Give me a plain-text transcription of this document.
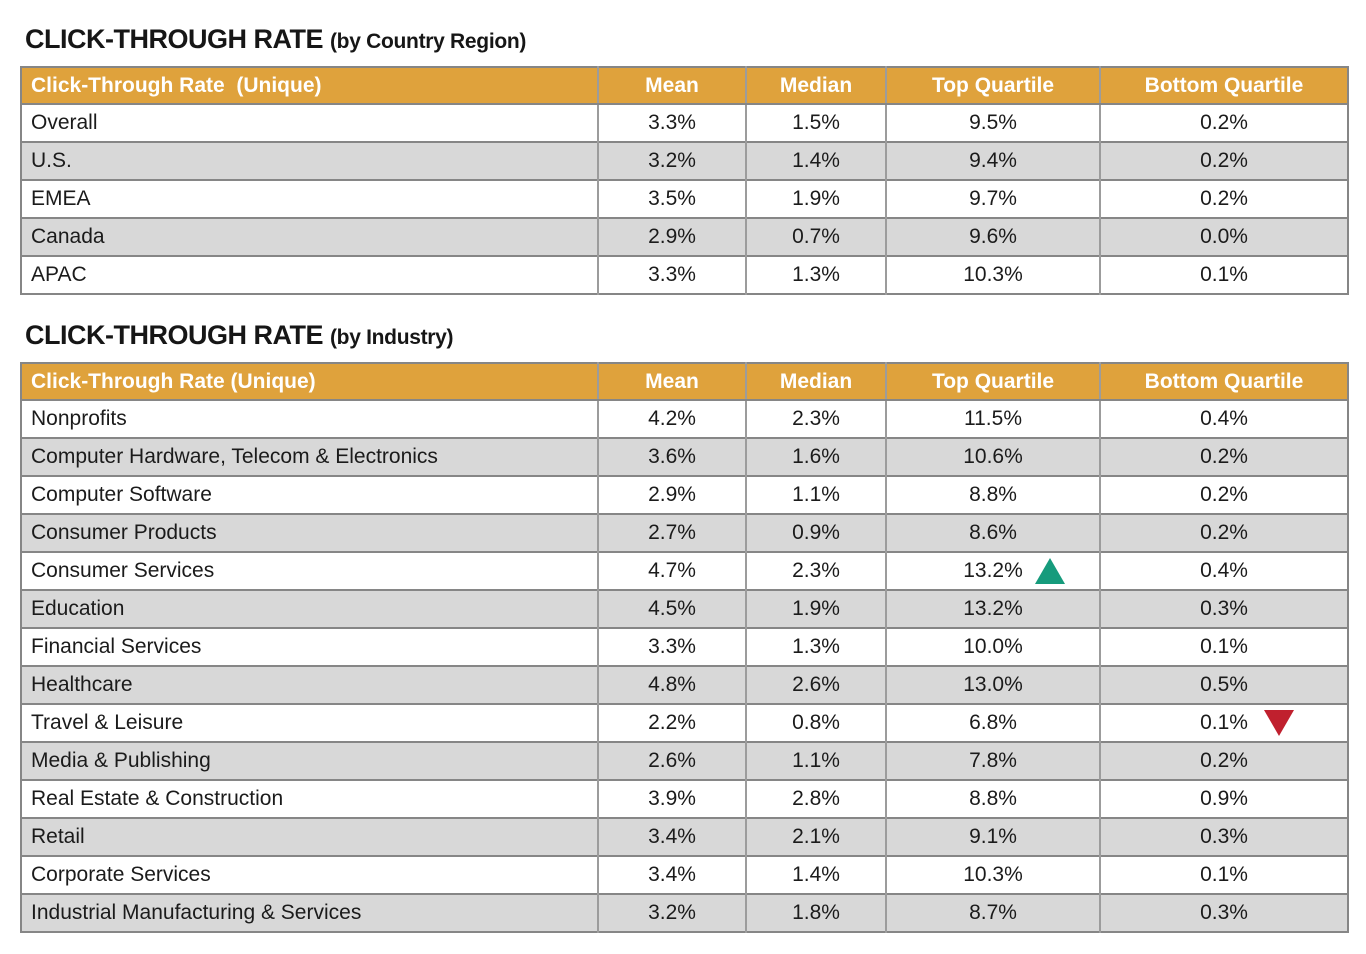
CLICK-THROUGH RATE (by Country Region)
Click-Through Rate  (Unique)	Mean	Median	Top Quartile	Bottom Quartile
Overall	3.3%	1.5%	9.5%	0.2%
U.S.	3.2%	1.4%	9.4%	0.2%
EMEA	3.5%	1.9%	9.7%	0.2%
Canada	2.9%	0.7%	9.6%	0.0%
APAC	3.3%	1.3%	10.3%	0.1%
CLICK-THROUGH RATE (by Industry)
Click-Through Rate (Unique)	Mean	Median	Top Quartile	Bottom Quartile
Nonprofits	4.2%	2.3%	11.5%	0.4%
Computer Hardware, Telecom & Electronics	3.6%	1.6%	10.6%	0.2%
Computer Software	2.9%	1.1%	8.8%	0.2%
Consumer Products	2.7%	0.9%	8.6%	0.2%
Consumer Services	4.7%	2.3%	13.2%	0.4%
Education	4.5%	1.9%	13.2%	0.3%
Financial Services	3.3%	1.3%	10.0%	0.1%
Healthcare	4.8%	2.6%	13.0%	0.5%
Travel & Leisure	2.2%	0.8%	6.8%	0.1%

Media & Publishing	2.6%	1.1%	7.8%	0.2%
Real Estate & Construction	3.9%	2.8%	8.8%	0.9%
Retail	3.4%	2.1%	9.1%	0.3%
Corporate Services	3.4%	1.4%	10.3%	0.1%
Industrial Manufacturing & Services	3.2%	1.8%	8.7%	0.3%
